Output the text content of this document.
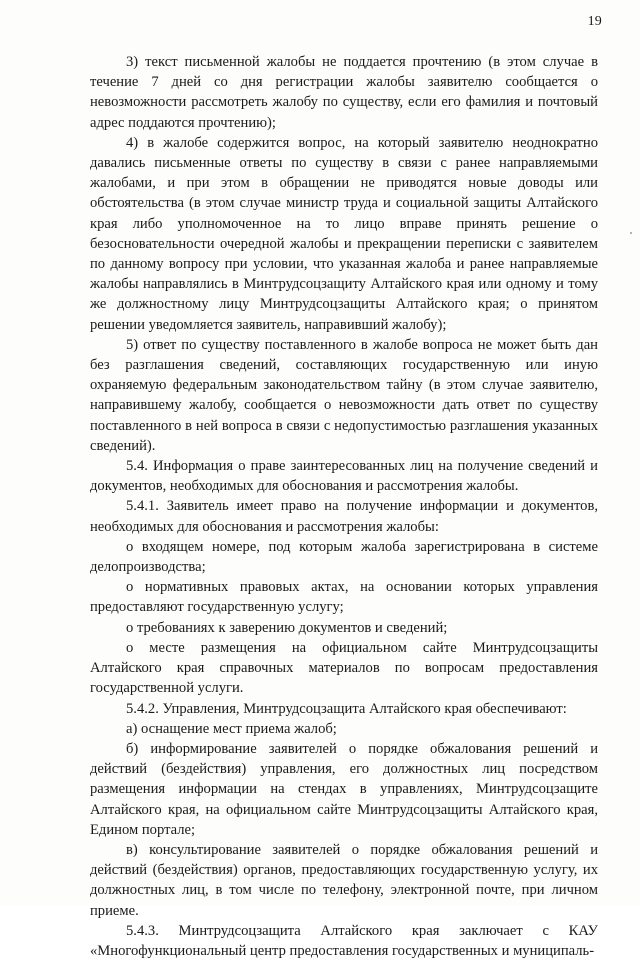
19

3) текст письменной жалобы не поддается прочтению (в этом случае в течение 7 дней со дня регистрации жалобы заявителю сообщается о невозможности рассмотреть жалобу по существу, если его фамилия и почтовый адрес поддаются прочтению);

4) в жалобе содержится вопрос, на который заявителю неоднократно давались письменные ответы по существу в связи с ранее направляемыми жалобами, и при этом в обращении не приводятся новые доводы или обстоятельства (в этом случае министр труда и социальной защиты Алтайского края либо уполномоченное на то лицо вправе принять решение о безосновательности очередной жалобы и прекращении переписки с заявителем по данному вопросу при условии, что указанная жалоба и ранее направляемые жалобы направлялись в Минтрудсоцзащиту Алтайского края или одному и тому же должностному лицу Минтрудсоцзащиты Алтайского края; о принятом решении уведомляется заявитель, направивший жалобу);

5) ответ по существу поставленного в жалобе вопроса не может быть дан без разглашения сведений, составляющих государственную или иную охраняемую федеральным законодательством тайну (в этом случае заявителю, направившему жалобу, сообщается о невозможности дать ответ по существу поставленного в ней вопроса в связи с недопустимостью разглашения указанных сведений).

5.4. Информация о праве заинтересованных лиц на получение сведений и документов, необходимых для обоснования и рассмотрения жалобы.

5.4.1. Заявитель имеет право на получение информации и документов, необходимых для обоснования и рассмотрения жалобы:

о входящем номере, под которым жалоба зарегистрирована в системе делопроизводства;

о нормативных правовых актах, на основании которых управления предоставляют государственную услугу;

о требованиях к заверению документов и сведений;

о месте размещения на официальном сайте Минтрудсоцзащиты Алтайского края справочных материалов по вопросам предоставления государственной услуги.

5.4.2. Управления, Минтрудсоцзащита Алтайского края обеспечивают:

а) оснащение мест приема жалоб;

б) информирование заявителей о порядке обжалования решений и действий (бездействия) управления, его должностных лиц посредством размещения информации на стендах в управлениях, Минтрудсоцзащите Алтайского края, на официальном сайте Минтрудсоцзащиты Алтайского края, Едином портале;

в) консультирование заявителей о порядке обжалования решений и действий (бездействия) органов, предоставляющих государственную услугу, их должностных лиц, в том числе по телефону, электронной почте, при личном приеме.

5.4.3. Минтрудсоцзащита Алтайского края заключает с КАУ «Многофункциональный центр предоставления государственных и муниципаль-
